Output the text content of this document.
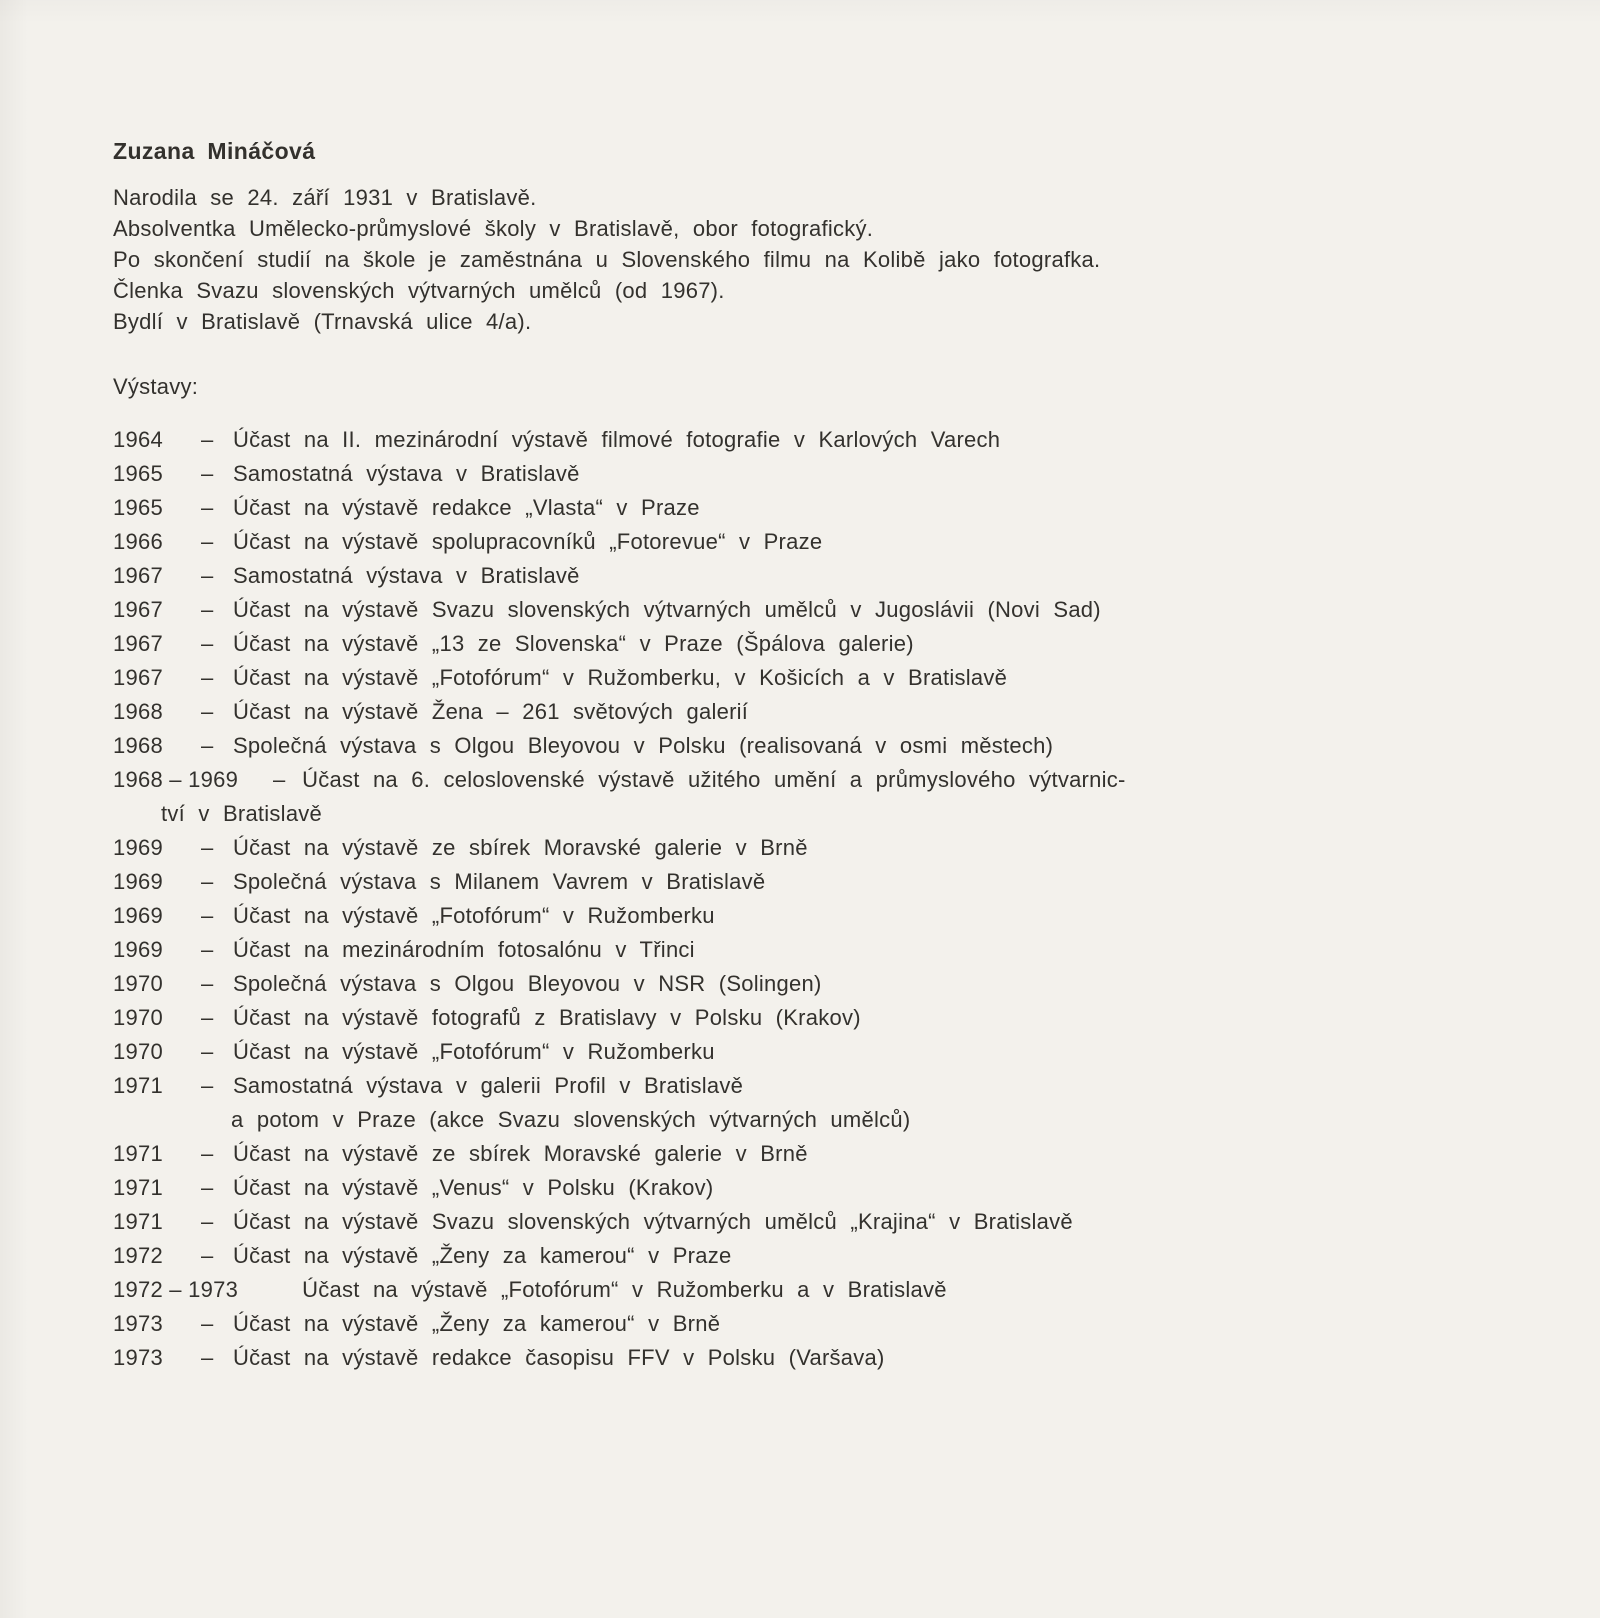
Zuzana Mináčová
Narodila se 24. září 1931 v Bratislavě.
Absolventka Umělecko-průmyslové školy v Bratislavě, obor fotografický.
Po skončení studií na škole je zaměstnána u Slovenského filmu na Kolibě jako fotografka.
Členka Svazu slovenských výtvarných umělců (od 1967).
Bydlí v Bratislavě (Trnavská ulice 4/a).
Výstavy:
1964	– Účast na II. mezinárodní výstavě filmové fotografie v Karlových Varech
1965	– Samostatná výstava v Bratislavě
1965	– Účast na výstavě redakce „Vlasta“ v Praze
1966	– Účast na výstavě spolupracovníků „Fotorevue“ v Praze
1967	– Samostatná výstava v Bratislavě
1967	– Účast na výstavě Svazu slovenských výtvarných umělců v Jugoslávii (Novi Sad)
1967	– Účast na výstavě „13 ze Slovenska“ v Praze (Špálova galerie)
1967	– Účast na výstavě „Fotofórum“ v Ružomberku, v Košicích a v Bratislavě
1968	– Účast na výstavě Žena – 261 světových galerií
1968	– Společná výstava s Olgou Bleyovou v Polsku (realisovaná v osmi městech)
1968 – 1969	– Účast na 6. celoslovenské výstavě užitého umění a průmyslového výtvarnic-
tví v Bratislavě
1969	– Účast na výstavě ze sbírek Moravské galerie v Brně
1969	– Společná výstava s Milanem Vavrem v Bratislavě
1969	– Účast na výstavě „Fotofórum“ v Ružomberku
1969	– Účast na mezinárodním fotosalónu v Třinci
1970	– Společná výstava s Olgou Bleyovou v NSR (Solingen)
1970	– Účast na výstavě fotografů z Bratislavy v Polsku (Krakov)
1970	– Účast na výstavě „Fotofórum“ v Ružomberku
1971	– Samostatná výstava v galerii Profil v Bratislavě
a potom v Praze (akce Svazu slovenských výtvarných umělců)
1971	– Účast na výstavě ze sbírek Moravské galerie v Brně
1971	– Účast na výstavě „Venus“ v Polsku (Krakov)
1971	– Účast na výstavě Svazu slovenských výtvarných umělců „Krajina“ v Bratislavě
1972	– Účast na výstavě „Ženy za kamerou“ v Praze
1972 – 1973	Účast na výstavě „Fotofórum“ v Ružomberku a v Bratislavě
1973	– Účast na výstavě „Ženy za kamerou“ v Brně
1973	– Účast na výstavě redakce časopisu FFV v Polsku (Varšava)
